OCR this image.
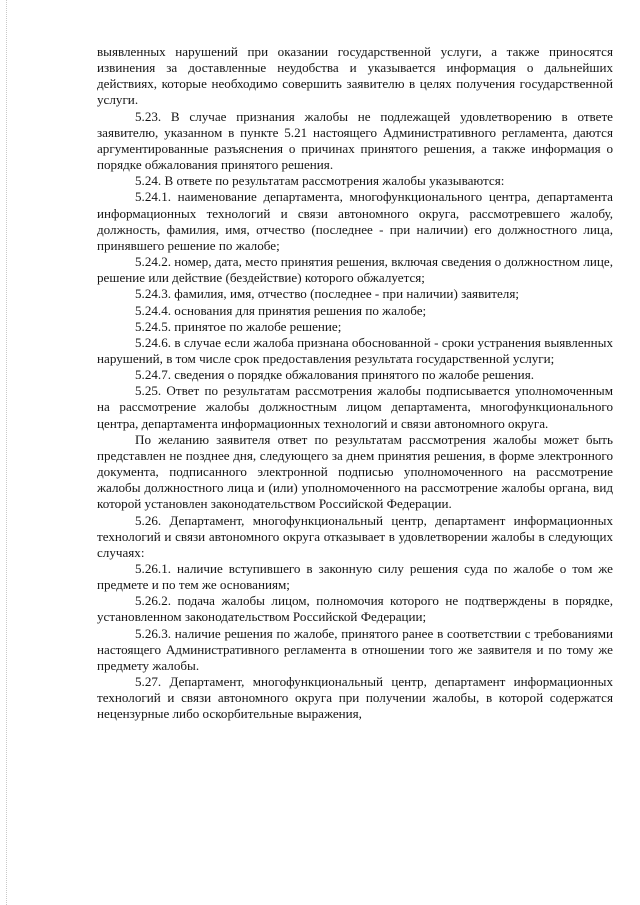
выявленных нарушений при оказании государственной услуги, а также приносятся извинения за доставленные неудобства и указывается информация о дальнейших действиях, которые необходимо совершить заявителю в целях получения государственной услуги.

5.23. В случае признания жалобы не подлежащей удовлетворению в ответе заявителю, указанном в пункте 5.21 настоящего Административного регламента, даются аргументированные разъяснения о причинах принятого решения, а также информация о порядке обжалования принятого решения.

5.24. В ответе по результатам рассмотрения жалобы указываются:

5.24.1. наименование департамента, многофункционального центра, департамента информационных технологий и связи автономного округа, рассмотревшего жалобу, должность, фамилия, имя, отчество (последнее - при наличии) его должностного лица, принявшего решение по жалобе;

5.24.2. номер, дата, место принятия решения, включая сведения о должностном лице, решение или действие (бездействие) которого обжалуется;

5.24.3. фамилия, имя, отчество (последнее - при наличии) заявителя;

5.24.4. основания для принятия решения по жалобе;

5.24.5. принятое по жалобе решение;

5.24.6. в случае если жалоба признана обоснованной - сроки устранения выявленных нарушений, в том числе срок предоставления результата государственной услуги;

5.24.7. сведения о порядке обжалования принятого по жалобе решения.

5.25. Ответ по результатам рассмотрения жалобы подписывается уполномоченным на рассмотрение жалобы должностным лицом департамента, многофункционального центра, департамента информационных технологий и связи автономного округа.

По желанию заявителя ответ по результатам рассмотрения жалобы может быть представлен не позднее дня, следующего за днем принятия решения, в форме электронного документа, подписанного электронной подписью уполномоченного на рассмотрение жалобы должностного лица и (или) уполномоченного на рассмотрение жалобы органа, вид которой установлен законодательством Российской Федерации.

5.26. Департамент, многофункциональный центр, департамент информационных технологий и связи автономного округа отказывает в удовлетворении жалобы в следующих случаях:

5.26.1. наличие вступившего в законную силу решения суда по жалобе о том же предмете и по тем же основаниям;

5.26.2. подача жалобы лицом, полномочия которого не подтверждены в порядке, установленном законодательством Российской Федерации;

5.26.3. наличие решения по жалобе, принятого ранее в соответствии с требованиями настоящего Административного регламента в отношении того же заявителя и по тому же предмету жалобы.

5.27. Департамент, многофункциональный центр, департамент информационных технологий и связи автономного округа при получении жалобы, в которой содержатся нецензурные либо оскорбительные выражения,
